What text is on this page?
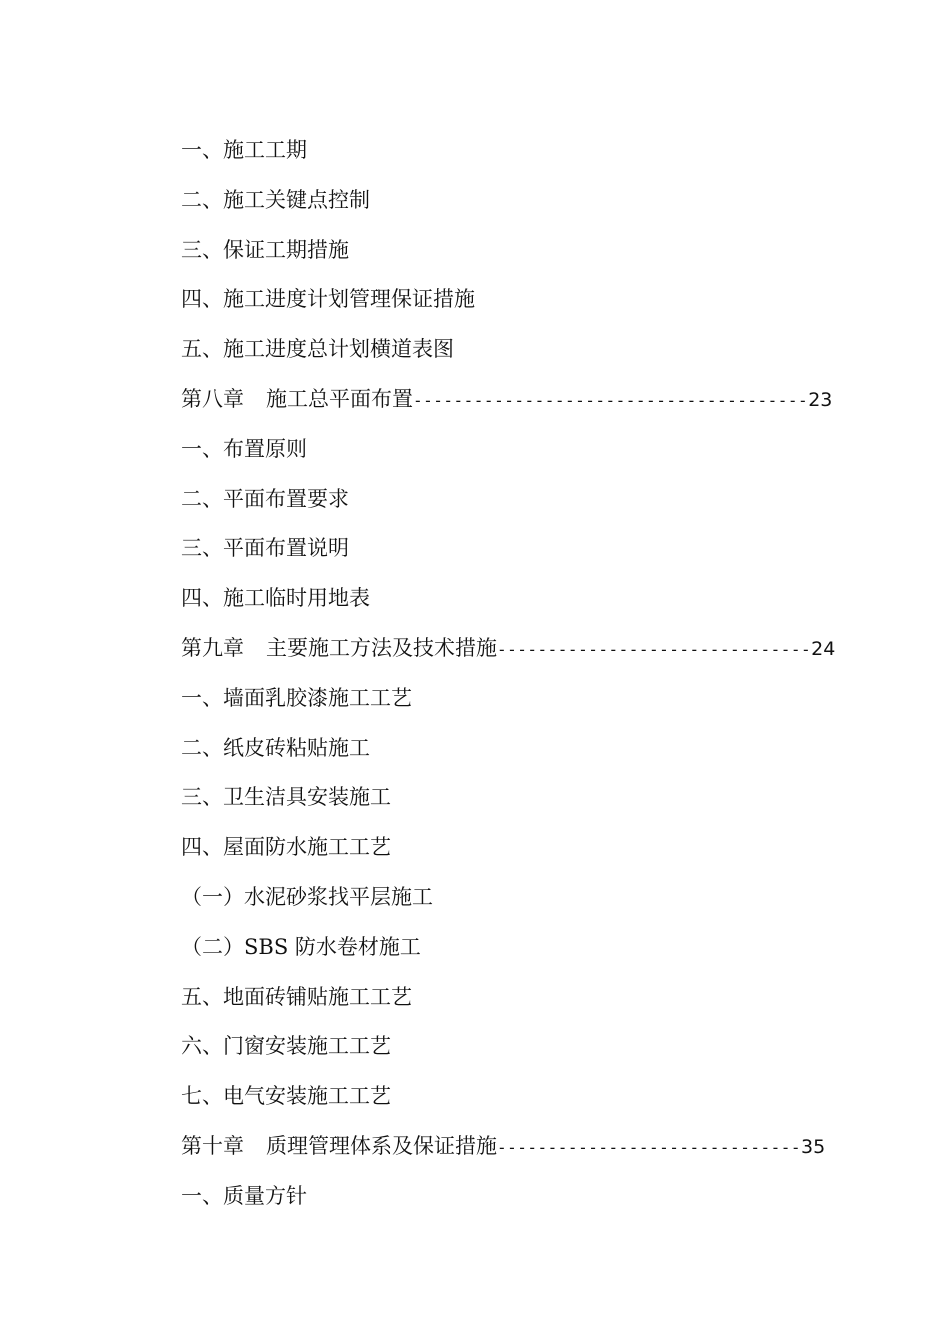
一、施工工期
二、施工关键点控制
三、保证工期措施
四、施工进度计划管理保证措施
五、施工进度总计划横道表图
第八章 施工总平面布置---------------------------------------23
一、布置原则
二、平面布置要求
三、平面布置说明
四、施工临时用地表
第九章 主要施工方法及技术措施-------------------------------24
一、墙面乳胶漆施工工艺
二、纸皮砖粘贴施工
三、卫生洁具安装施工
四、屋面防水施工工艺
（一）水泥砂浆找平层施工
（二）SBS 防水卷材施工
五、地面砖铺贴施工工艺
六、门窗安装施工工艺
七、电气安装施工工艺
第十章 质理管理体系及保证措施------------------------------35
一、质量方针
